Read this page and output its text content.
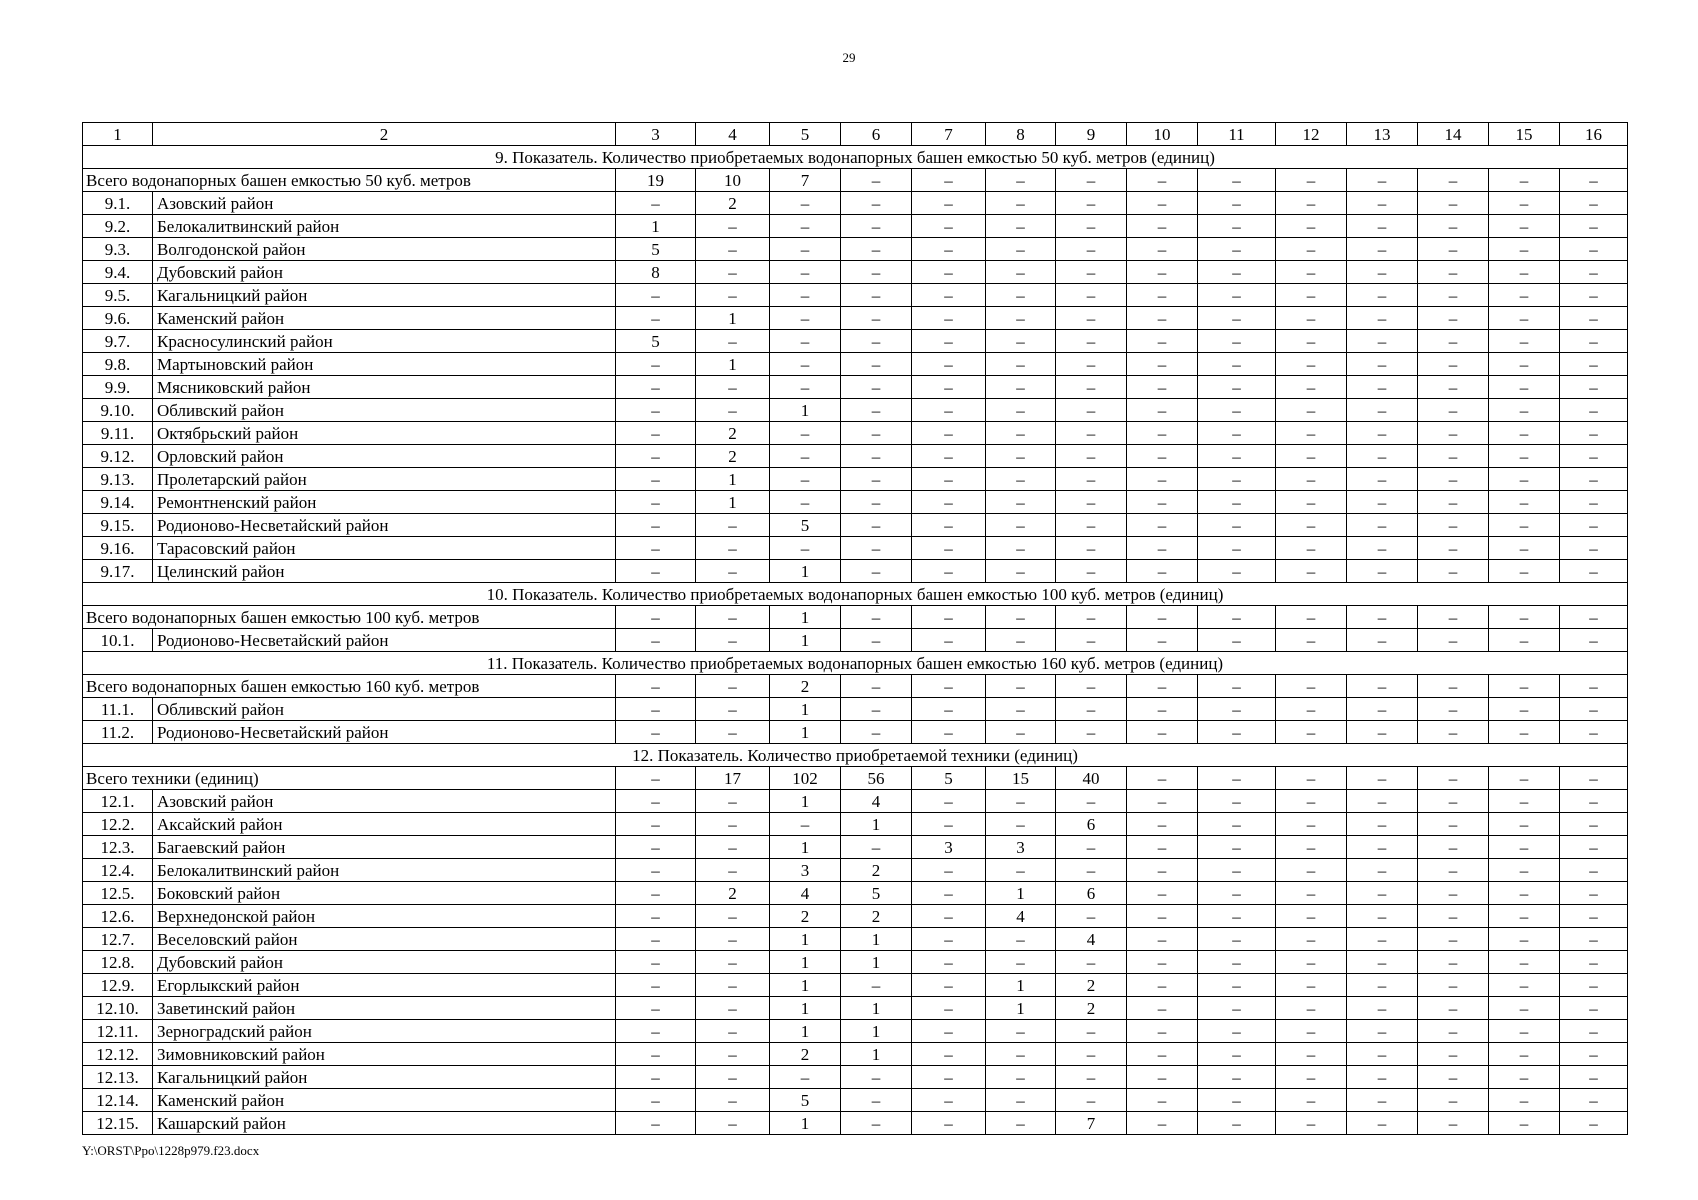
29
1	2	3	4	5	6	7	8	9	10	11	12	13	14	15	16
9. Показатель. Количество приобретаемых водонапорных башен емкостью 50 куб. метров (единиц)															
Всего водонапорных башен емкостью 50 куб. метров		19	10	7	–	–	–	–	–	–	–	–	–	–	–
9.1.	Азовский район	–	2	–	–	–	–	–	–	–	–	–	–	–	–
9.2.	Белокалитвинский район	1	–	–	–	–	–	–	–	–	–	–	–	–	–
9.3.	Волгодонской район	5	–	–	–	–	–	–	–	–	–	–	–	–	–
9.4.	Дубовский район	8	–	–	–	–	–	–	–	–	–	–	–	–	–
9.5.	Кагальницкий район	–	–	–	–	–	–	–	–	–	–	–	–	–	–
9.6.	Каменский район	–	1	–	–	–	–	–	–	–	–	–	–	–	–
9.7.	Красносулинский район	5	–	–	–	–	–	–	–	–	–	–	–	–	–
9.8.	Мартыновский район	–	1	–	–	–	–	–	–	–	–	–	–	–	–
9.9.	Мясниковский район	–	–	–	–	–	–	–	–	–	–	–	–	–	–
9.10.	Обливский район	–	–	1	–	–	–	–	–	–	–	–	–	–	–
9.11.	Октябрьский район	–	2	–	–	–	–	–	–	–	–	–	–	–	–
9.12.	Орловский район	–	2	–	–	–	–	–	–	–	–	–	–	–	–
9.13.	Пролетарский район	–	1	–	–	–	–	–	–	–	–	–	–	–	–
9.14.	Ремонтненский район	–	1	–	–	–	–	–	–	–	–	–	–	–	–
9.15.	Родионово-Несветайский район	–	–	5	–	–	–	–	–	–	–	–	–	–	–
9.16.	Тарасовский район	–	–	–	–	–	–	–	–	–	–	–	–	–	–
9.17.	Целинский район	–	–	1	–	–	–	–	–	–	–	–	–	–	–
10. Показатель. Количество приобретаемых водонапорных башен емкостью 100 куб. метров (единиц)															
Всего водонапорных башен емкостью 100 куб. метров		–	–	1	–	–	–	–	–	–	–	–	–	–	–
10.1.	Родионово-Несветайский район	–	–	1	–	–	–	–	–	–	–	–	–	–	–
11. Показатель. Количество приобретаемых водонапорных башен емкостью 160 куб. метров (единиц)															
Всего водонапорных башен емкостью 160 куб. метров		–	–	2	–	–	–	–	–	–	–	–	–	–	–
11.1.	Обливский район	–	–	1	–	–	–	–	–	–	–	–	–	–	–
11.2.	Родионово-Несветайский район	–	–	1	–	–	–	–	–	–	–	–	–	–	–
12. Показатель. Количество приобретаемой техники (единиц)															
Всего техники (единиц)		–	17	102	56	5	15	40	–	–	–	–	–	–	–
12.1.	Азовский район	–	–	1	4	–	–	–	–	–	–	–	–	–	–
12.2.	Аксайский район	–	–	–	1	–	–	6	–	–	–	–	–	–	–
12.3.	Багаевский район	–	–	1	–	3	3	–	–	–	–	–	–	–	–
12.4.	Белокалитвинский район	–	–	3	2	–	–	–	–	–	–	–	–	–	–
12.5.	Боковский район	–	2	4	5	–	1	6	–	–	–	–	–	–	–
12.6.	Верхнедонской район	–	–	2	2	–	4	–	–	–	–	–	–	–	–
12.7.	Веселовский район	–	–	1	1	–	–	4	–	–	–	–	–	–	–
12.8.	Дубовский район	–	–	1	1	–	–	–	–	–	–	–	–	–	–
12.9.	Егорлыкский район	–	–	1	–	–	1	2	–	–	–	–	–	–	–
12.10.	Заветинский район	–	–	1	1	–	1	2	–	–	–	–	–	–	–
12.11.	Зерноградский район	–	–	1	1	–	–	–	–	–	–	–	–	–	–
12.12.	Зимовниковский район	–	–	2	1	–	–	–	–	–	–	–	–	–	–
12.13.	Кагальницкий район	–	–	–	–	–	–	–	–	–	–	–	–	–	–
12.14.	Каменский район	–	–	5	–	–	–	–	–	–	–	–	–	–	–
12.15.	Кашарский район	–	–	1	–	–	–	7	–	–	–	–	–	–	–
Y:\ORST\Ppo\1228p979.f23.docx
